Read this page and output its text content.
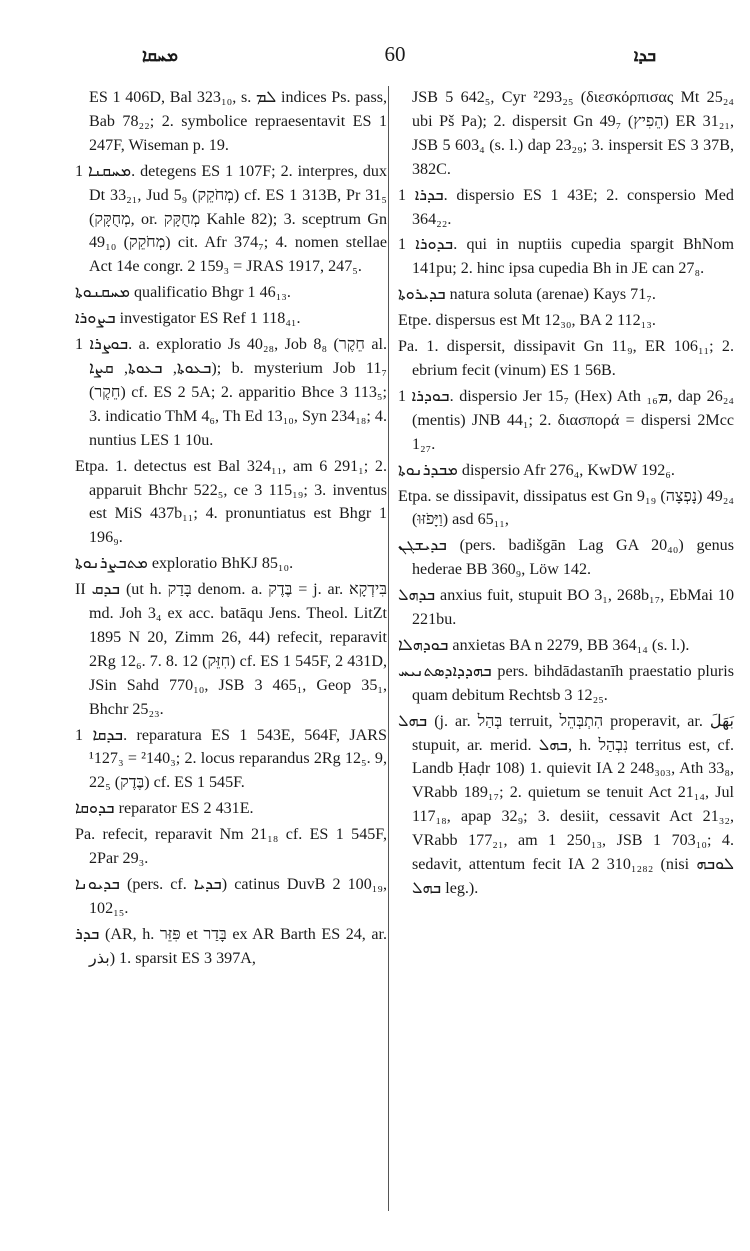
ܡܚܩܐ	60	ܒܕܐ

ES 1 406D, Bal 323₁₀, s. ܠܡ indices Ps. pass, Bab 78₂₂; 2. symbolice repraesentavit ES 1 247F, Wiseman p. 19.

ܡܚܩܢܐ 1. detegens ES 1 107F; 2. interpres, dux Dt 33₂₁, Jud 5₉ (מְחֹקֵק) cf. ES 1 313B, Pr 31₅ (מְחֻקָּק, or. מְחֻקָּק Kahle 82); 3. sceptrum Gn 49₁₀ (מְחֹקֵק) cit. Afr 374₇; 4. nomen stellae Act 14e congr. 2 159₃ = JRAS 1917, 247₅.

ܡܚܩܢܘܬܐ qualificatio Bhgr 1 46₁₃.

ܒܨܘܪܐ investigator ES Ref 1 118₄₁.

ܒܘܨܪܐ 1. a. exploratio Js 40₂₈, Job 8₈ (חֵקֶר al. ܒܥܘܬܐ, ܒܥܘܬܐ, ܩܨܐ); b. mysterium Job 11₇ (חֵקֶר) cf. ES 2 5A; 2. apparitio Bhce 3 113₅; 3. indicatio ThM 4₆, Th Ed 13₁₀, Syn 234₁₈; 4. nuntius LES 1 10u.

Etpa. 1. detectus est Bal 324₁₁, am 6 291₁; 2. apparuit Bhchr 522₅, ce 3 115₁₉; 3. inventus est MiS 437b₁₁; 4. pronuntiatus est Bhgr 1 196₉.

ܡܬܒܨܪܢܘܬܐ exploratio BhKJ 85₁₀.

II ܒܕܩ (ut h. בָּדַק denom. a. בֶּדֶק = j. ar. בִּידְקָא md. Joh 3₄ ex acc. batāqu Jens. Theol. LitZt 1895 N 20, Zimm 26, 44) refecit, reparavit 2Rg 12₆. 7. 8. 12 (חִזֵּק) cf. ES 1 545F, 2 431D, JSin Sahd 770₁₀, JSB 3 465₁, Geop 35₁, Bhchr 25₂₃.

ܒܕܩܐ 1. reparatura ES 1 543E, 564F, JARS ¹127₃ = ²140₃; 2. locus reparandus 2Rg 12₅. 9, 22₅ (בֶּדֶק) cf. ES 1 545F.

ܒܕܘܩܐ reparator ES 2 431E.

Pa. refecit, reparavit Nm 21₁₈ cf. ES 1 545F, 2Par 29₃.

ܒܕܝܘܢܐ (pers. cf. ܒܕܝܐ) catinus DuvB 2 100₁₉, 102₁₅.

ܒܕܪ (AR, h. פִּזֵּר et בָּדַר ex AR Barth ES 24, ar. بذر) 1. sparsit ES 3 397A,

JSB 5 642₅, Cyr ²293₂₅ (διεσκόρπισας Mt 25₂₄ ubi Pš Pa); 2. dispersit Gn 49₇ (הֵפִיץ) ER 31₂₁, JSB 5 603₄ (s. l.) dap 23₂₉; 3. inspersit ES 3 37B, 382C.

ܒܕܪܐ 1. dispersio ES 1 43E; 2. conspersio Med 364₂₂.

ܒܕܘܪܐ 1. qui in nuptiis cupedia spargit BhNom 141pu; 2. hinc ipsa cupedia Bh in JE can 27₈.

ܒܕܝܪܘܬܐ natura soluta (arenae) Kays 71₇.

Etpe. dispersus est Mt 12₃₀, BA 2 112₁₃.

Pa. 1. dispersit, dissipavit Gn 11₉, ER 106₁₁; 2. ebrium fecit (vinum) ES 1 56B.

ܒܘܕܪܐ 1. dispersio Jer 15₇ (Hex) Ath ܡ₁₆, dap 26₂₄ (mentis) JNB 44₁; 2. διασπορά = dispersi 2Mcc 1₂₇.

ܡܒܕܪܢܘܬܐ dispersio Afr 276₄, KwDW 192₆.

Etpa. se dissipavit, dissipatus est Gn 9₁₉ (נָפְצָה) 49₂₄ (וַיָּפֹזּוּ) asd 65₁₁,

ܒܕܝܫܓܢ (pers. badišgān Lag GA 20₄₀) genus hederae BB 360₉, Löw 142.

ܒܕܗܠ anxius fuit, stupuit BO 3₁, 268b₁₇, EbMai 10 221bu.

ܒܘܕܗܠܐ anxietas BA n 2279, BB 364₁₄ (s. l.).

ܒܗܕܕܐܕܣܬܢܝܚ pers. bihdādastanīh praestatio pluris quam debitum Rechtsb 3 12₂₅.

ܒܗܠ (j. ar. בְּהַל terruit, הִתְבְּהֵל properavit, ar. بَهَلَ stupuit, ar. merid. ܒܗܠ, h. נִבְהַל territus est, cf. Landb Ḥaḍr 108) 1. quievit IA 2 248₃₀₃, Ath 33₈, VRabb 189₁₇; 2. quietum se tenuit Act 21₁₄, Jul 117₁₈, apap 32₉; 3. desiit, cessavit Act 21₃₂, VRabb 177₂₁, am 1 250₁₃, JSB 1 703₁₀; 4. sedavit, attentum fecit IA 2 310₁₂₈₂ (nisi ܠܘܒܗ ܒܗܠ leg.).
